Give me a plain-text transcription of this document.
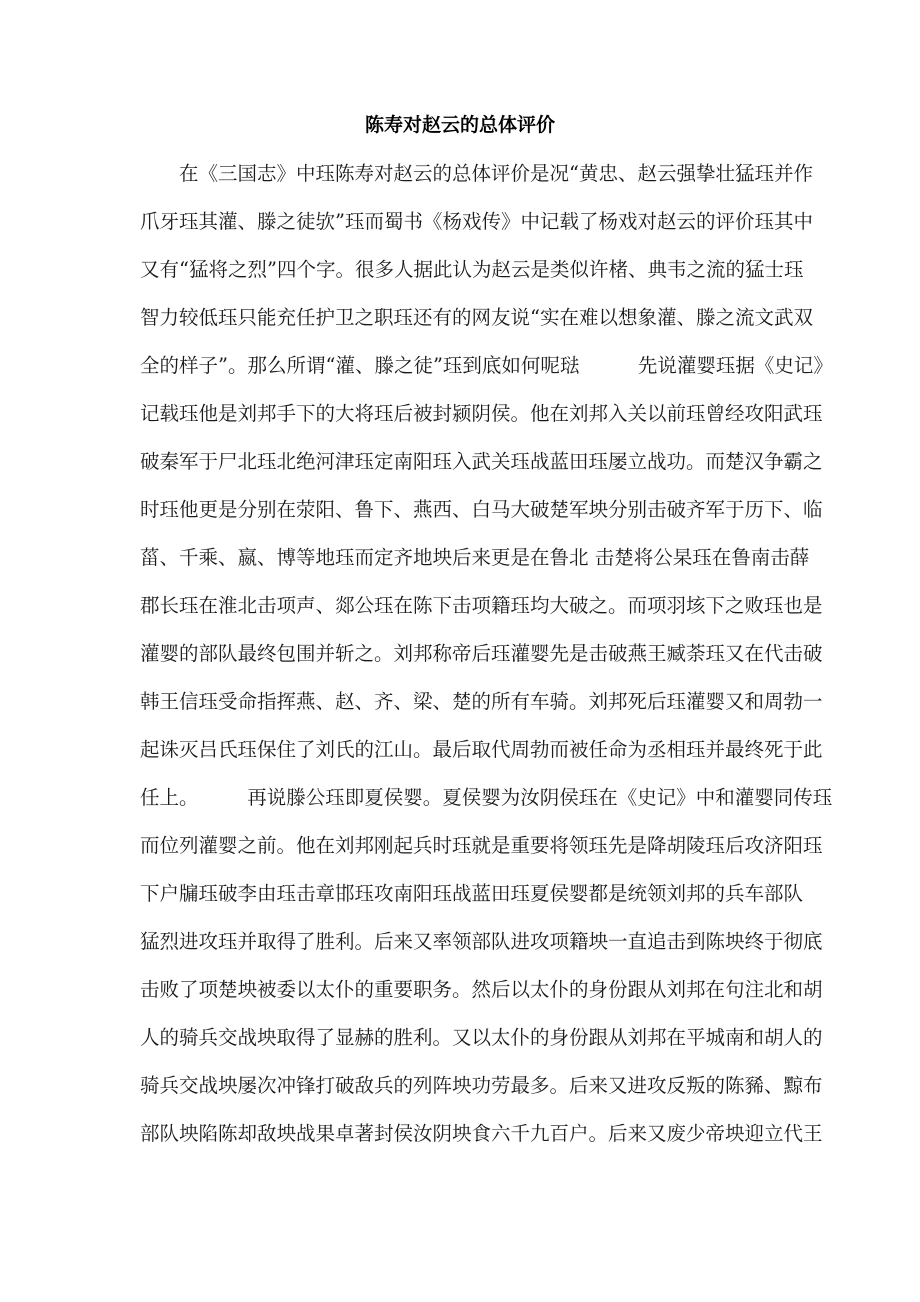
陈寿对赵云的总体评价
　　在《三国志》中珏陈寿对赵云的总体评价是况“黄忠、赵云强挚壮猛珏并作
爪牙珏其灌、滕之徒欤”珏而蜀书《杨戏传》中记载了杨戏对赵云的评价珏其中
又有“猛将之烈”四个字。很多人据此认为赵云是类似许楮、典韦之流的猛士珏
智力较低珏只能充任护卫之职珏还有的网友说“实在难以想象灌、滕之流文武双
全的样子”。那么所谓“灌、滕之徒”珏到底如何呢琺　　　先说灌婴珏据《史记》
记载珏他是刘邦手下的大将珏后被封颍阴侯。他在刘邦入关以前珏曾经攻阳武珏
破秦军于尸北珏北绝河津珏定南阳珏入武关珏战蓝田珏屡立战功。而楚汉争霸之
时珏他更是分别在荥阳、鲁下、燕西、白马大破楚军坱分别击破齐军于历下、临
菑、千乘、嬴、博等地珏而定齐地坱后来更是在鲁北 击楚将公杲珏在鲁南击薛
郡长珏在淮北击项声、郯公珏在陈下击项籍珏均大破之。而项羽垓下之败珏也是
灌婴的部队最终包围并斩之。刘邦称帝后珏灌婴先是击破燕王臧荼珏又在代击破
韩王信珏受命指挥燕、赵、齐、梁、楚的所有车骑。刘邦死后珏灌婴又和周勃一
起诛灭吕氏珏保住了刘氏的江山。最后取代周勃而被任命为丞相珏并最终死于此
任上。　　　再说滕公珏即夏侯婴。夏侯婴为汝阴侯珏在《史记》中和灌婴同传珏
而位列灌婴之前。他在刘邦刚起兵时珏就是重要将领珏先是降胡陵珏后攻济阳珏
下户牖珏破李由珏击章邯珏攻南阳珏战蓝田珏夏侯婴都是统领刘邦的兵车部队
猛烈进攻珏并取得了胜利。后来又率领部队进攻项籍坱一直追击到陈坱终于彻底
击败了项楚坱被委以太仆的重要职务。然后以太仆的身份跟从刘邦在句注北和胡
人的骑兵交战坱取得了显赫的胜利。又以太仆的身份跟从刘邦在平城南和胡人的
骑兵交战坱屡次冲锋打破敌兵的列阵坱功劳最多。后来又进攻反叛的陈豨、黥布
部队坱陷陈却敌坱战果卓著封侯汝阴坱食六千九百户。后来又废少帝坱迎立代王
